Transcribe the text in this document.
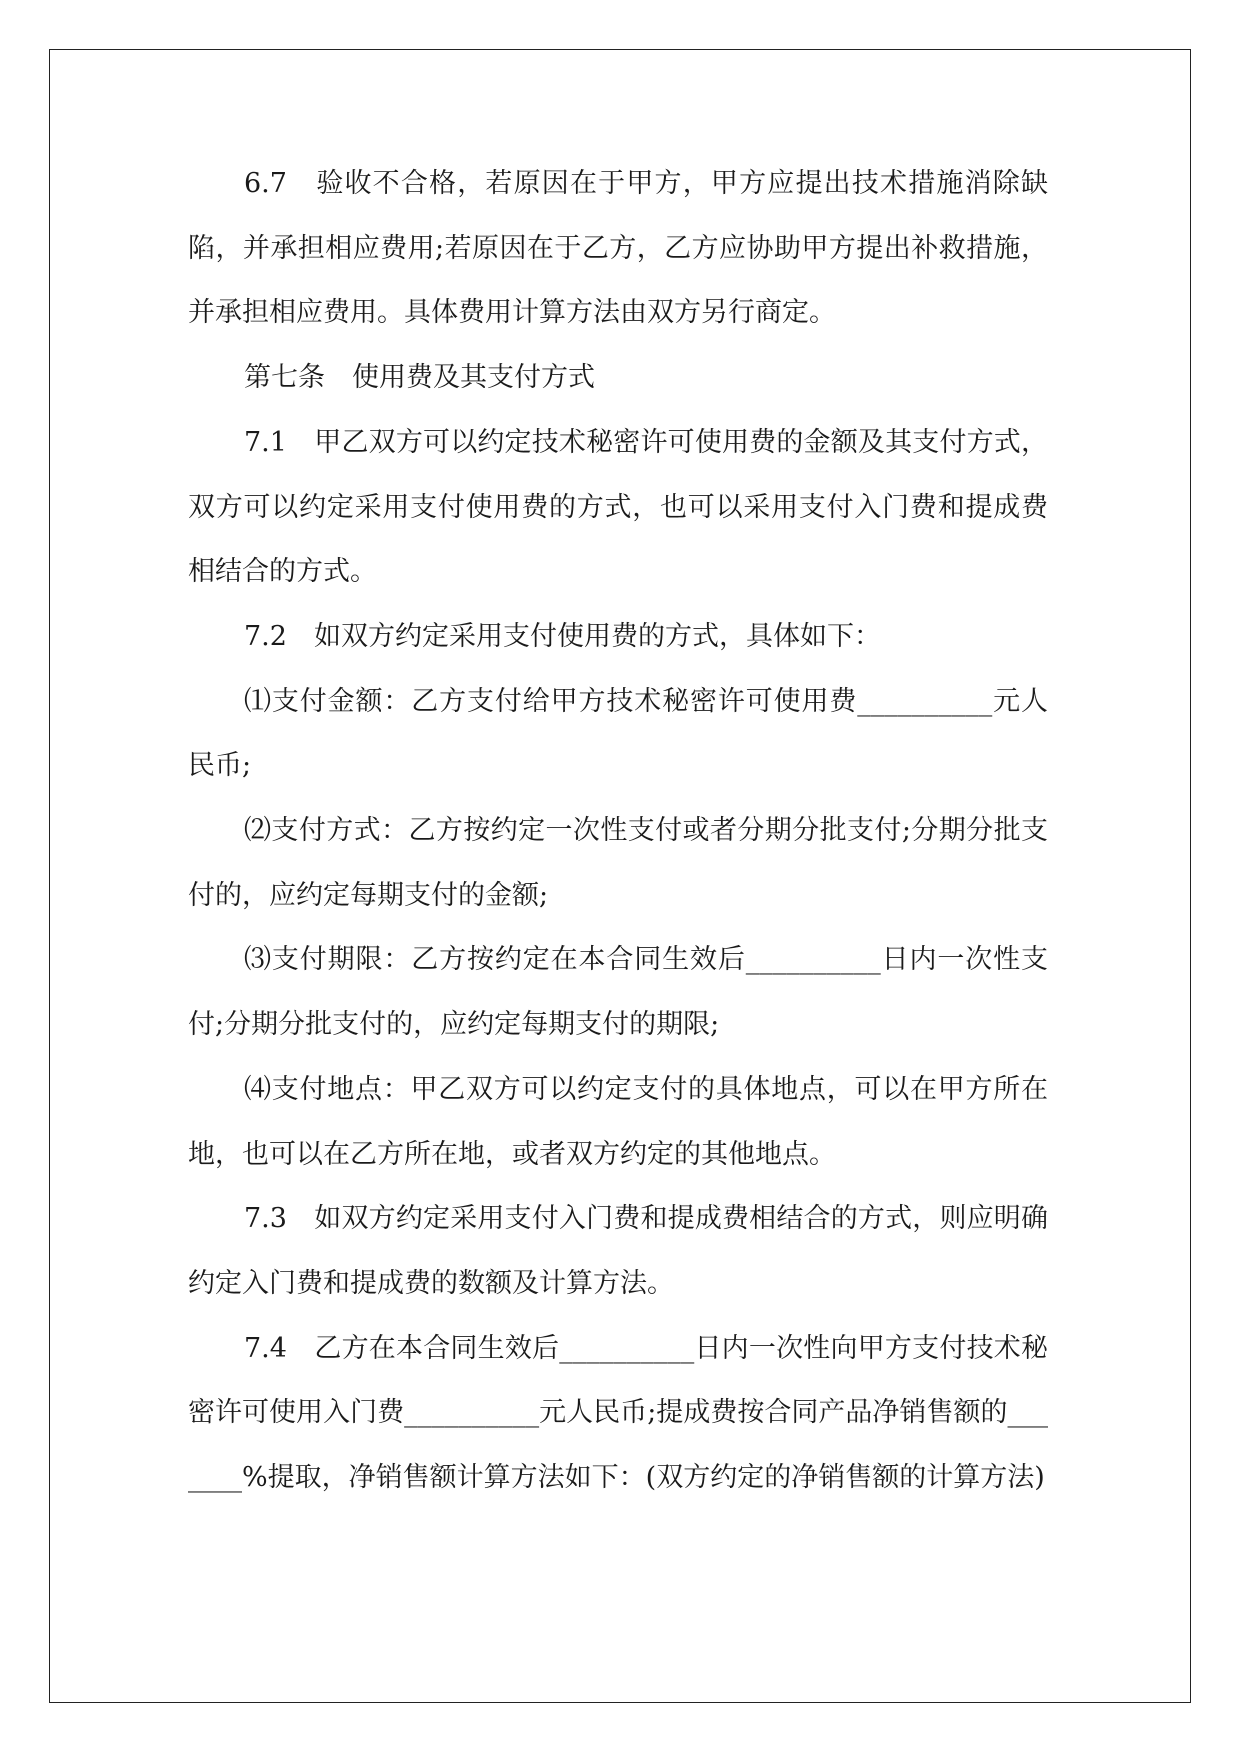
6.7　验收不合格，若原因在于甲方，甲方应提出技术措施消除缺陷，并承担相应费用;若原因在于乙方，乙方应协助甲方提出补救措施，并承担相应费用。具体费用计算方法由双方另行商定。

第七条　使用费及其支付方式

7.1　甲乙双方可以约定技术秘密许可使用费的金额及其支付方式，双方可以约定采用支付使用费的方式，也可以采用支付入门费和提成费相结合的方式。

7.2　如双方约定采用支付使用费的方式，具体如下：

⑴支付金额：乙方支付给甲方技术秘密许可使用费__________元人民币;

⑵支付方式：乙方按约定一次性支付或者分期分批支付;分期分批支付的，应约定每期支付的金额;

⑶支付期限：乙方按约定在本合同生效后__________日内一次性支付;分期分批支付的，应约定每期支付的期限;

⑷支付地点：甲乙双方可以约定支付的具体地点，可以在甲方所在地，也可以在乙方所在地，或者双方约定的其他地点。

7.3　如双方约定采用支付入门费和提成费相结合的方式，则应明确约定入门费和提成费的数额及计算方法。

7.4　乙方在本合同生效后__________日内一次性向甲方支付技术秘密许可使用入门费__________元人民币;提成费按合同产品净销售额的_______%提取，净销售额计算方法如下：(双方约定的净销售额的计算方法)
